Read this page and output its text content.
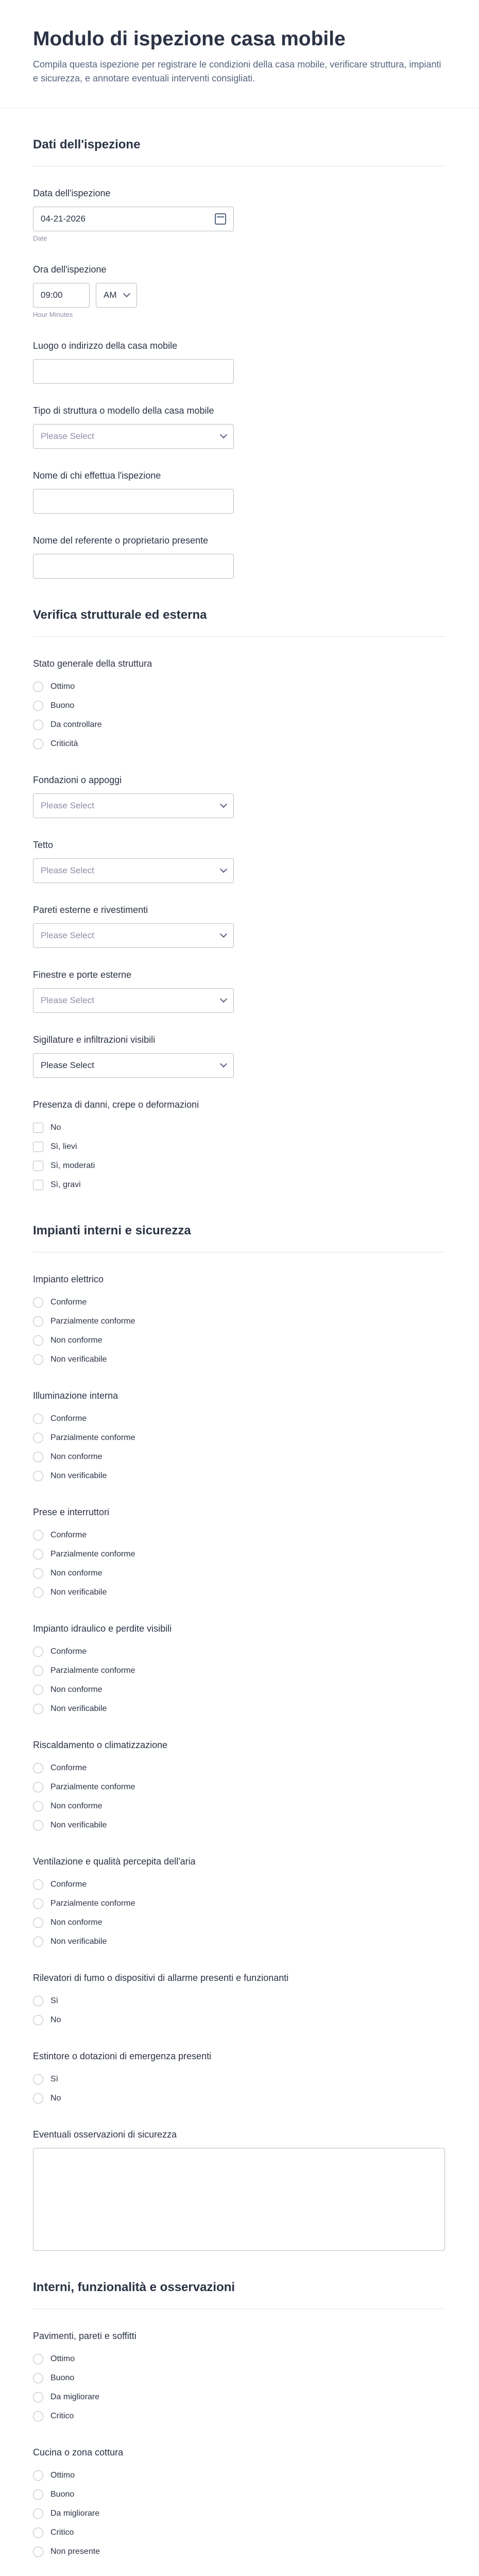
Modulo di ispezione casa mobile

Compila questa ispezione per registrare le condizioni della casa mobile, verificare struttura, impianti e sicurezza, e annotare eventuali interventi consigliati.

Dati dell'ispezione
Data dell'ispezione
04-21-2026
Date
Ora dell'ispezione
09:00	AM
Hour Minutes
Luogo o indirizzo della casa mobile
Tipo di struttura o modello della casa mobile
Please Select
Nome di chi effettua l'ispezione
Nome del referente o proprietario presente
Verifica strutturale ed esterna
Stato generale della struttura
Ottimo
Buono
Da controllare
Criticità
Fondazioni o appoggi
Please Select
Tetto
Please Select
Pareti esterne e rivestimenti
Please Select
Finestre e porte esterne
Please Select
Sigillature e infiltrazioni visibili
Please Select
Presenza di danni, crepe o deformazioni
No
Sì, lievi
Sì, moderati
Sì, gravi
Impianti interni e sicurezza
Impianto elettrico
Conforme
Parzialmente conforme
Non conforme
Non verificabile
Illuminazione interna
Conforme
Parzialmente conforme
Non conforme
Non verificabile
Prese e interruttori
Conforme
Parzialmente conforme
Non conforme
Non verificabile
Impianto idraulico e perdite visibili
Conforme
Parzialmente conforme
Non conforme
Non verificabile
Riscaldamento o climatizzazione
Conforme
Parzialmente conforme
Non conforme
Non verificabile
Ventilazione e qualità percepita dell'aria
Conforme
Parzialmente conforme
Non conforme
Non verificabile
Rilevatori di fumo o dispositivi di allarme presenti e funzionanti
Sì
No
Estintore o dotazioni di emergenza presenti
Sì
No
Eventuali osservazioni di sicurezza
Interni, funzionalità e osservazioni
Pavimenti, pareti e soffitti
Ottimo
Buono
Da migliorare
Critico
Cucina o zona cottura
Ottimo
Buono
Da migliorare
Critico
Non presente
